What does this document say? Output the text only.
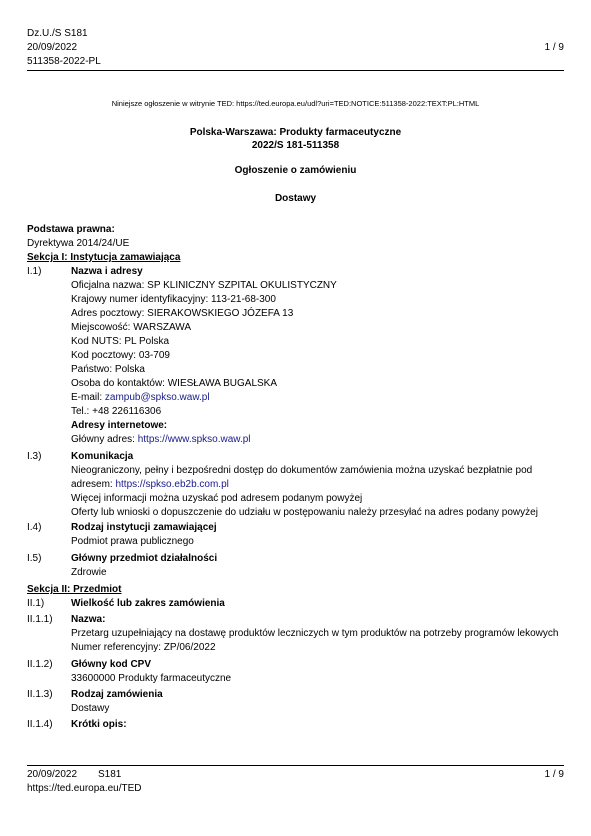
Dz.U./S S181
20/09/2022
511358-2022-PL
1 / 9
Niniejsze ogłoszenie w witrynie TED: https://ted.europa.eu/udl?uri=TED:NOTICE:511358-2022:TEXT:PL:HTML
Polska-Warszawa: Produkty farmaceutyczne
2022/S 181-511358
Ogłoszenie o zamówieniu
Dostawy
Podstawa prawna:
Dyrektywa 2014/24/UE
Sekcja I: Instytucja zamawiająca
I.1)	Nazwa i adresy
Oficjalna nazwa: SP KLINICZNY SZPITAL OKULISTYCZNY
Krajowy numer identyfikacyjny: 113-21-68-300
Adres pocztowy: SIERAKOWSKIEGO JÓZEFA 13
Miejscowość: WARSZAWA
Kod NUTS: PL Polska
Kod pocztowy: 03-709
Państwo: Polska
Osoba do kontaktów: WIESŁAWA BUGALSKA
E-mail: zampub@spkso.waw.pl
Tel.: +48 226116306
Adresy internetowe:
Główny adres: https://www.spkso.waw.pl
I.3)	Komunikacja
Nieograniczony, pełny i bezpośredni dostęp do dokumentów zamówienia można uzyskać bezpłatnie pod
adresem: https://spkso.eb2b.com.pl
Więcej informacji można uzyskać pod adresem podanym powyżej
Oferty lub wnioski o dopuszczenie do udziału w postępowaniu należy przesyłać na adres podany powyżej
I.4)	Rodzaj instytucji zamawiającej
Podmiot prawa publicznego
I.5)	Główny przedmiot działalności
Zdrowie
Sekcja II: Przedmiot
II.1)	Wielkość lub zakres zamówienia
II.1.1) Nazwa:
Przetarg uzupełniający na dostawę produktów leczniczych w tym produktów na potrzeby programów lekowych
Numer referencyjny: ZP/06/2022
II.1.2) Główny kod CPV
33600000 Produkty farmaceutyczne
II.1.3) Rodzaj zamówienia
Dostawy
II.1.4) Krótki opis:
20/09/2022 S181	1 / 9
https://ted.europa.eu/TED
